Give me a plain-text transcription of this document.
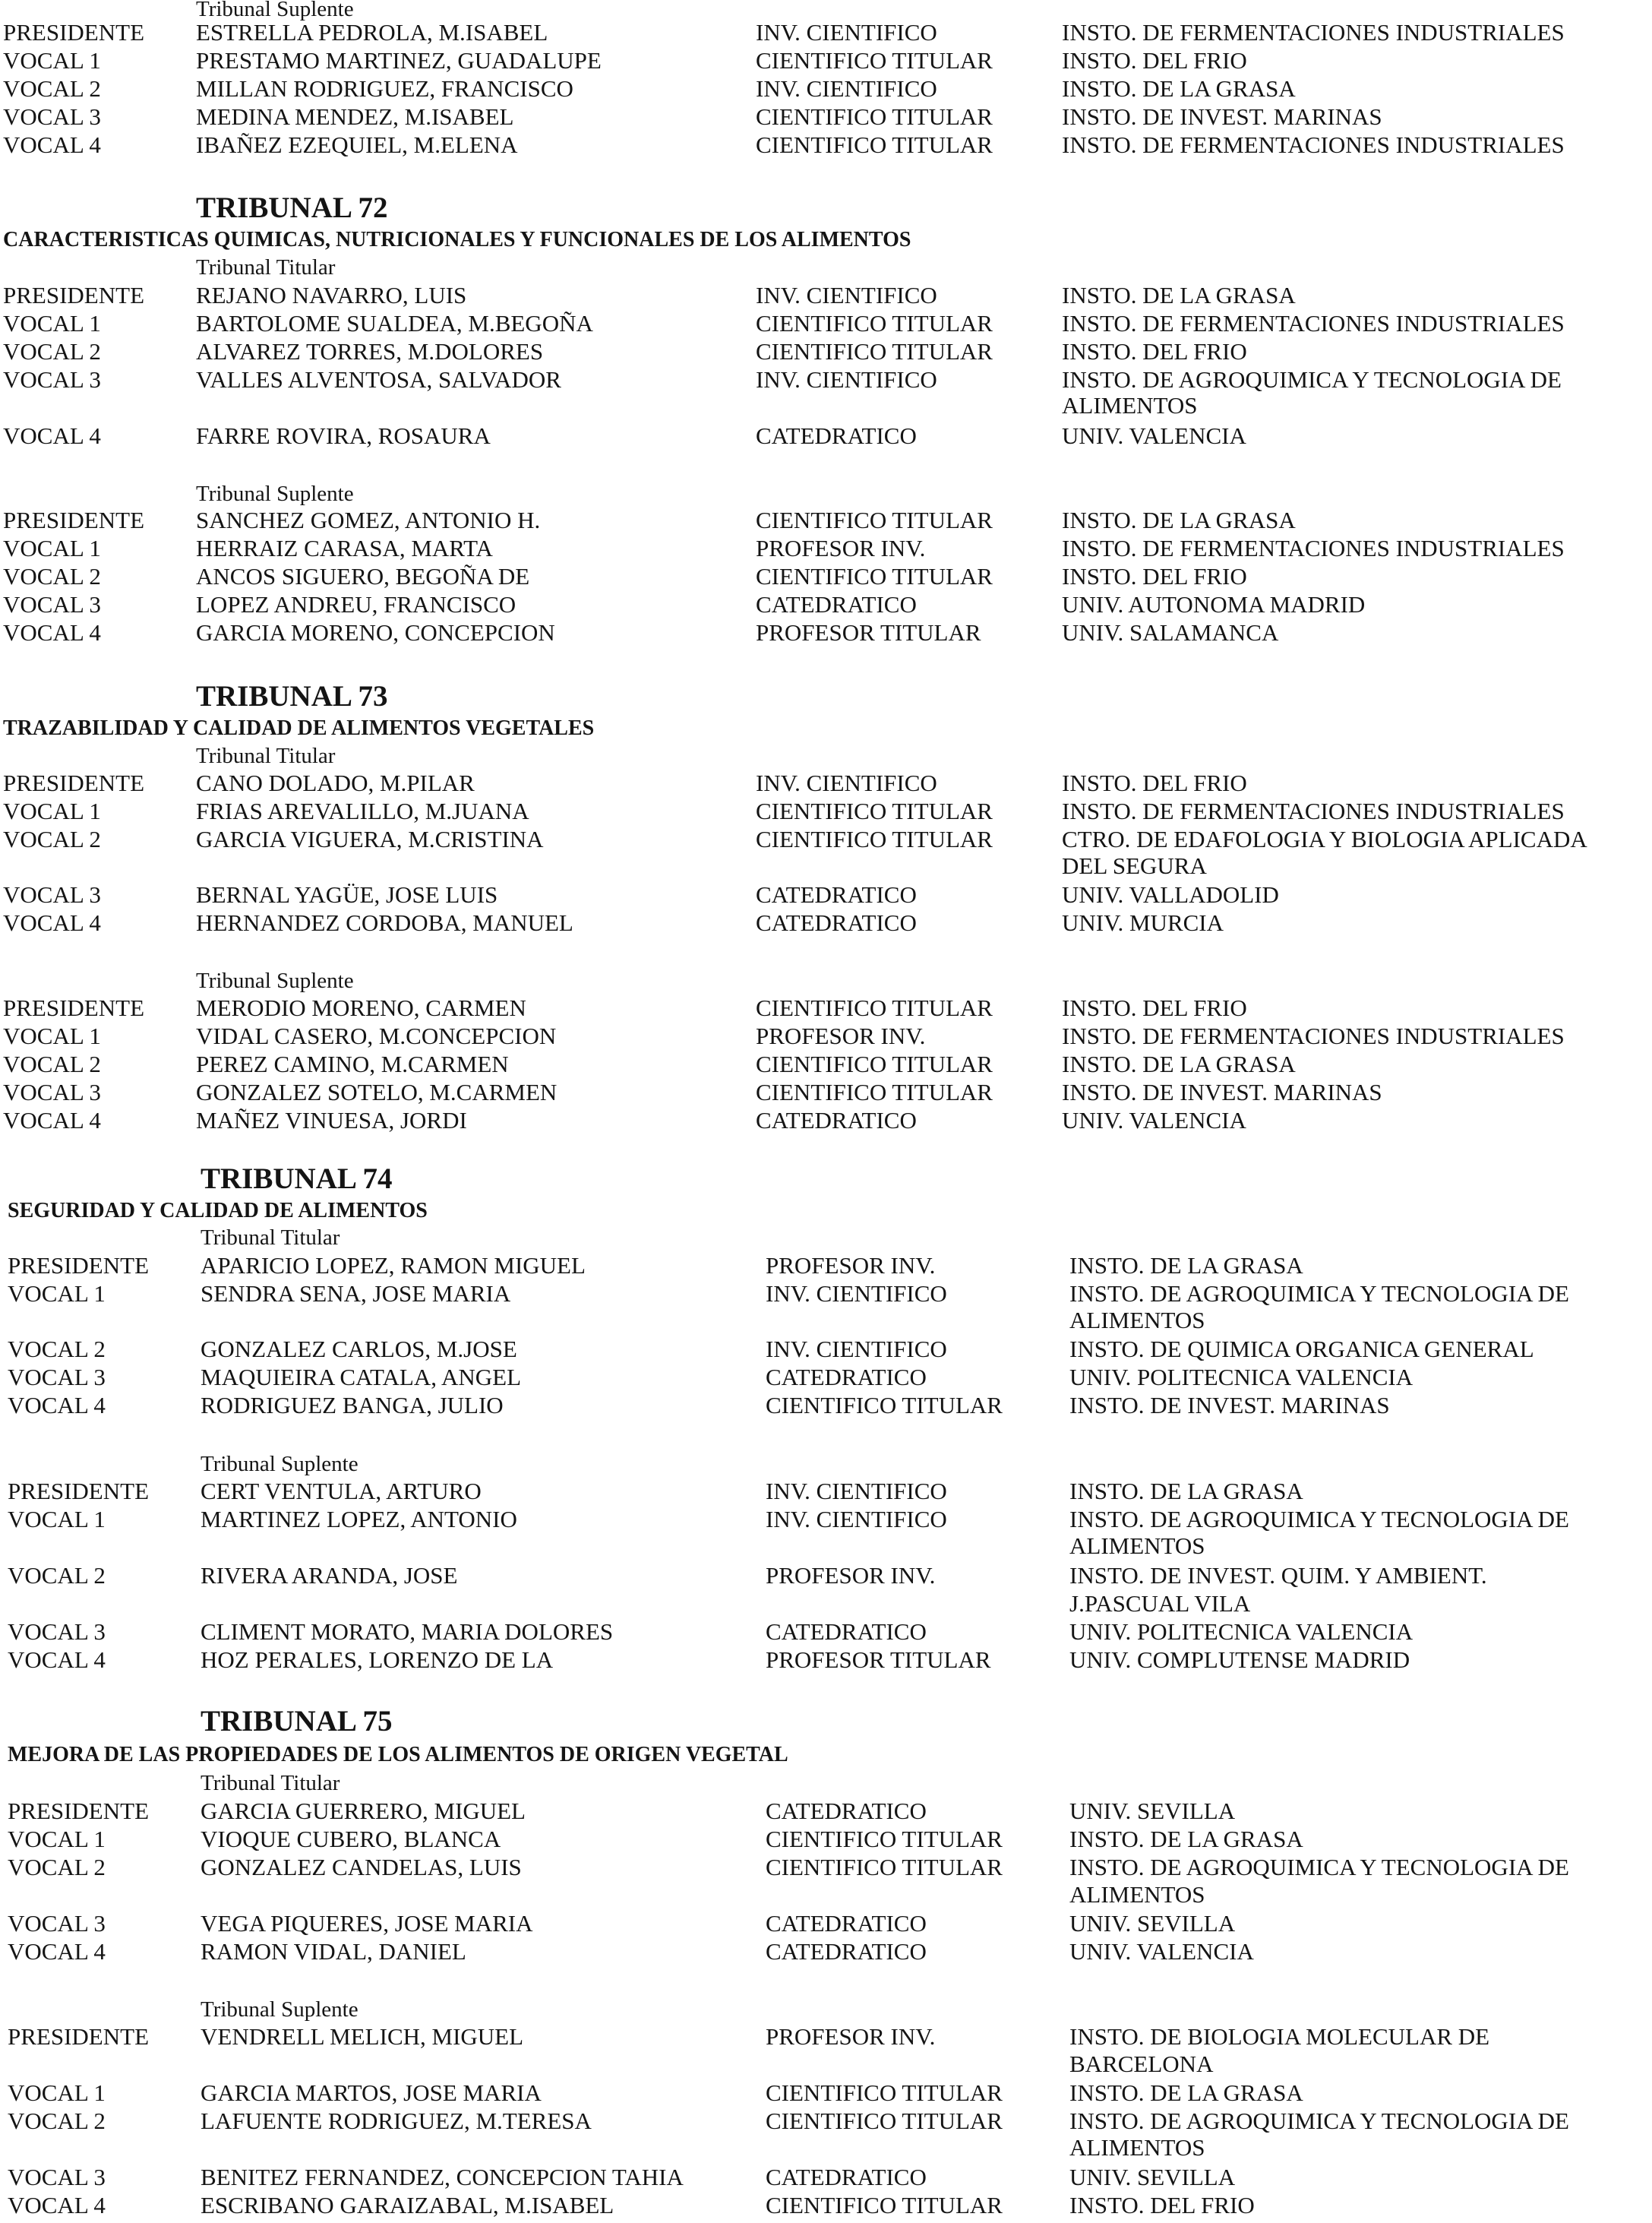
Tribunal Suplente
PRESIDENTE ESTRELLA PEDROLA, M.ISABEL	INV. CIENTIFICO	INSTO. DE FERMENTACIONES INDUSTRIALES
VOCAL 1	PRESTAMO MARTINEZ, GUADALUPE	CIENTIFICO TITULAR	INSTO. DEL FRIO
VOCAL 2	MILLAN RODRIGUEZ, FRANCISCO	INV. CIENTIFICO	INSTO. DE LA GRASA
VOCAL 3	MEDINA MENDEZ, M.ISABEL	CIENTIFICO TITULAR	INSTO. DE INVEST. MARINAS
VOCAL 4	IBAÑEZ EZEQUIEL, M.ELENA	CIENTIFICO TITULAR	INSTO. DE FERMENTACIONES INDUSTRIALES
TRIBUNAL 72
CARACTERISTICAS QUIMICAS, NUTRICIONALES Y FUNCIONALES DE LOS ALIMENTOS
Tribunal Titular
PRESIDENTE REJANO NAVARRO, LUIS	INV. CIENTIFICO	INSTO. DE LA GRASA
VOCAL 1	BARTOLOME SUALDEA, M.BEGOÑA	CIENTIFICO TITULAR	INSTO. DE FERMENTACIONES INDUSTRIALES
VOCAL 2	ALVAREZ TORRES, M.DOLORES	CIENTIFICO TITULAR	INSTO. DEL FRIO
VOCAL 3	VALLES ALVENTOSA, SALVADOR	INV. CIENTIFICO	INSTO. DE AGROQUIMICA Y TECNOLOGIA DE
ALIMENTOS
VOCAL 4	FARRE ROVIRA, ROSAURA	CATEDRATICO	UNIV. VALENCIA
Tribunal Suplente
PRESIDENTE SANCHEZ GOMEZ, ANTONIO H.	CIENTIFICO TITULAR	INSTO. DE LA GRASA
VOCAL 1	HERRAIZ CARASA, MARTA	PROFESOR INV.	INSTO. DE FERMENTACIONES INDUSTRIALES
VOCAL 2	ANCOS SIGUERO, BEGOÑA DE	CIENTIFICO TITULAR	INSTO. DEL FRIO
VOCAL 3	LOPEZ ANDREU, FRANCISCO	CATEDRATICO	UNIV. AUTONOMA MADRID
VOCAL 4	GARCIA MORENO, CONCEPCION	PROFESOR TITULAR	UNIV. SALAMANCA
TRIBUNAL 73
TRAZABILIDAD Y CALIDAD DE ALIMENTOS VEGETALES
Tribunal Titular
PRESIDENTE CANO DOLADO, M.PILAR	INV. CIENTIFICO	INSTO. DEL FRIO
VOCAL 1	FRIAS AREVALILLO, M.JUANA	CIENTIFICO TITULAR	INSTO. DE FERMENTACIONES INDUSTRIALES
VOCAL 2	GARCIA VIGUERA, M.CRISTINA	CIENTIFICO TITULAR	CTRO. DE EDAFOLOGIA Y BIOLOGIA APLICADA
DEL SEGURA
VOCAL 3	BERNAL YAGÜE, JOSE LUIS	CATEDRATICO	UNIV. VALLADOLID
VOCAL 4	HERNANDEZ CORDOBA, MANUEL	CATEDRATICO	UNIV. MURCIA
Tribunal Suplente
PRESIDENTE MERODIO MORENO, CARMEN	CIENTIFICO TITULAR	INSTO. DEL FRIO
VOCAL 1	VIDAL CASERO, M.CONCEPCION	PROFESOR INV.	INSTO. DE FERMENTACIONES INDUSTRIALES
VOCAL 2	PEREZ CAMINO, M.CARMEN	CIENTIFICO TITULAR	INSTO. DE LA GRASA
VOCAL 3	GONZALEZ SOTELO, M.CARMEN	CIENTIFICO TITULAR	INSTO. DE INVEST. MARINAS
VOCAL 4	MAÑEZ VINUESA, JORDI	CATEDRATICO	UNIV. VALENCIA
TRIBUNAL 74
SEGURIDAD Y CALIDAD DE ALIMENTOS
Tribunal Titular
PRESIDENTE APARICIO LOPEZ, RAMON MIGUEL	PROFESOR INV.	INSTO. DE LA GRASA
VOCAL 1	SENDRA SENA, JOSE MARIA	INV. CIENTIFICO	INSTO. DE AGROQUIMICA Y TECNOLOGIA DE
ALIMENTOS
VOCAL 2	GONZALEZ CARLOS, M.JOSE	INV. CIENTIFICO	INSTO. DE QUIMICA ORGANICA GENERAL
VOCAL 3	MAQUIEIRA CATALA, ANGEL	CATEDRATICO	UNIV. POLITECNICA VALENCIA
VOCAL 4	RODRIGUEZ BANGA, JULIO	CIENTIFICO TITULAR	INSTO. DE INVEST. MARINAS
Tribunal Suplente
PRESIDENTE CERT VENTULA, ARTURO	INV. CIENTIFICO	INSTO. DE LA GRASA
VOCAL 1	MARTINEZ LOPEZ, ANTONIO	INV. CIENTIFICO	INSTO. DE AGROQUIMICA Y TECNOLOGIA DE
ALIMENTOS
VOCAL 2	RIVERA ARANDA, JOSE	PROFESOR INV.	INSTO. DE INVEST. QUIM. Y AMBIENT.
J.PASCUAL VILA
VOCAL 3	CLIMENT MORATO, MARIA DOLORES	CATEDRATICO	UNIV. POLITECNICA VALENCIA
VOCAL 4	HOZ PERALES, LORENZO DE LA	PROFESOR TITULAR	UNIV. COMPLUTENSE MADRID
TRIBUNAL 75
MEJORA DE LAS PROPIEDADES DE LOS ALIMENTOS DE ORIGEN VEGETAL
Tribunal Titular
PRESIDENTE GARCIA GUERRERO, MIGUEL	CATEDRATICO	UNIV. SEVILLA
VOCAL 1	VIOQUE CUBERO, BLANCA	CIENTIFICO TITULAR	INSTO. DE LA GRASA
VOCAL 2	GONZALEZ CANDELAS, LUIS	CIENTIFICO TITULAR	INSTO. DE AGROQUIMICA Y TECNOLOGIA DE
ALIMENTOS
VOCAL 3	VEGA PIQUERES, JOSE MARIA	CATEDRATICO	UNIV. SEVILLA
VOCAL 4	RAMON VIDAL, DANIEL	CATEDRATICO	UNIV. VALENCIA
Tribunal Suplente
PRESIDENTE VENDRELL MELICH, MIGUEL	PROFESOR INV.	INSTO. DE BIOLOGIA MOLECULAR DE
BARCELONA
VOCAL 1	GARCIA MARTOS, JOSE MARIA	CIENTIFICO TITULAR	INSTO. DE LA GRASA
VOCAL 2	LAFUENTE RODRIGUEZ, M.TERESA	CIENTIFICO TITULAR	INSTO. DE AGROQUIMICA Y TECNOLOGIA DE
ALIMENTOS
VOCAL 3	BENITEZ FERNANDEZ, CONCEPCION TAHIA	CATEDRATICO	UNIV. SEVILLA
VOCAL 4	ESCRIBANO GARAIZABAL, M.ISABEL	CIENTIFICO TITULAR	INSTO. DEL FRIO
